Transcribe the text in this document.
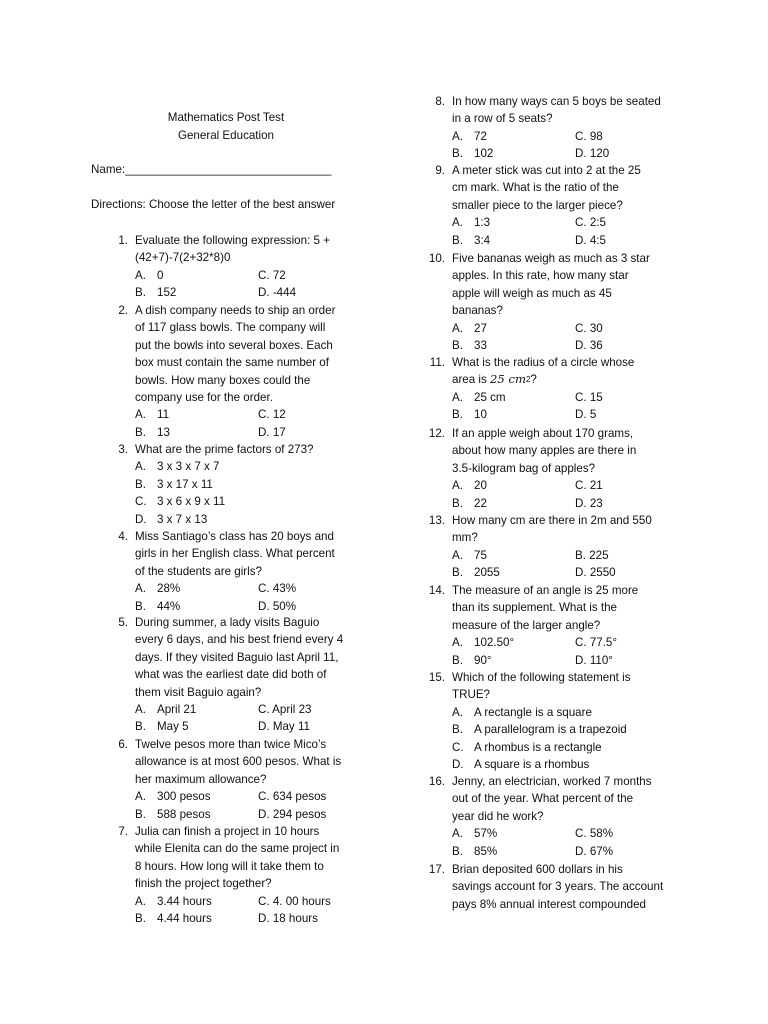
Mathematics Post Test
General Education
Name:________________________________
Directions: Choose the letter of the best answer
1. Evaluate the following expression: 5 +
(42+7)-7(2+32*8)0
A. 0	C. 72
B. 152	D. -444
2. A dish company needs to ship an order
of 117 glass bowls. The company will
put the bowls into several boxes. Each
box must contain the same number of
bowls. How many boxes could the
company use for the order.
A. 11	C. 12
B. 13	D. 17
3. What are the prime factors of 273?
A. 3 x 3 x 7 x 7
B. 3 x 17 x 11
C. 3 x 6 x 9 x 11
D. 3 x 7 x 13
4. Miss Santiago’s class has 20 boys and
girls in her English class. What percent
of the students are girls?
A. 28%	C. 43%
B. 44%	D. 50%
5. During summer, a lady visits Baguio
every 6 days, and his best friend every 4
days. If they visited Baguio last April 11,
what was the earliest date did both of
them visit Baguio again?
A. April 21	C. April 23
B. May 5	D. May 11
6. Twelve pesos more than twice Mico’s
allowance is at most 600 pesos. What is
her maximum allowance?
A. 300 pesos	C. 634 pesos
B. 588 pesos	D. 294 pesos
7. Julia can finish a project in 10 hours
while Elenita can do the same project in
8 hours. How long will it take them to
finish the project together?
A. 3.44 hours	C. 4. 00 hours
B. 4.44 hours	D. 18 hours
8. In how many ways can 5 boys be seated
in a row of 5 seats?
A. 72	C. 98
B. 102	D. 120
9. A meter stick was cut into 2 at the 25
cm mark. What is the ratio of the
smaller piece to the larger piece?
A. 1:3	C. 2:5
B. 3:4	D. 4:5
10. Five bananas weigh as much as 3 star
apples. In this rate, how many star
apple will weigh as much as 45
bananas?
A. 27	C. 30
B. 33	D. 36
11. What is the radius of a circle whose
area is 25 $cm^2$?
A. 25 cm	C. 15
B. 10	D. 5
12. If an apple weigh about 170 grams,
about how many apples are there in
3.5-kilogram bag of apples?
A. 20	C. 21
B. 22	D. 23
13. How many cm are there in 2m and 550
mm?
A. 75	B. 225
B. 2055	D. 2550
14. The measure of an angle is 25 more
than its supplement. What is the
measure of the larger angle?
A. 102.50°	C. 77.5°
B. 90°	D. 110°
15. Which of the following statement is
TRUE?
A. A rectangle is a square
B. A parallelogram is a trapezoid
C. A rhombus is a rectangle
D. A square is a rhombus
16. Jenny, an electrician, worked 7 months
out of the year. What percent of the
year did he work?
A. 57%	C. 58%
B. 85%	D. 67%
17. Brian deposited 600 dollars in his
savings account for 3 years. The account
pays 8% annual interest compounded
